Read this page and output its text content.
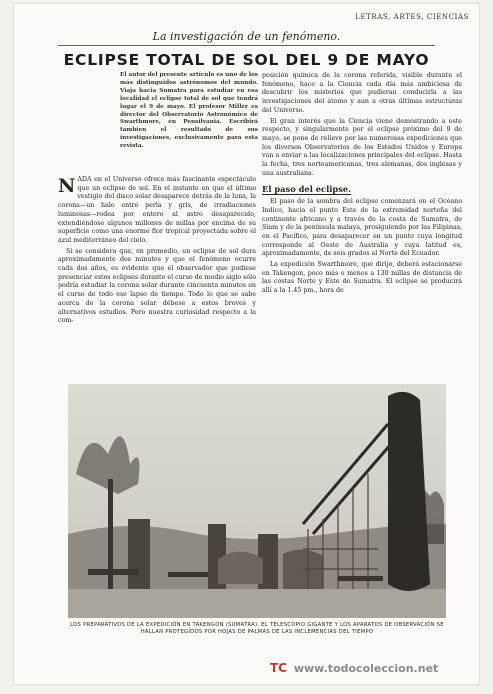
LETRAS, ARTES, CIENCIAS
La investigación de un fenómeno.
ECLIPSE TOTAL DE SOL DEL 9 DE MAYO
El autor del presente artículo es uno de los más distinguidos astrónomos del mundo. Viaja hacia Sumatra para estudiar en esa localidad el eclipse total de sol que tendrá lugar el 9 de mayo. El profesor Miller es director del Observatorio Astronómico de Swarthmore, en Pensilvania. Escribirá tambien el resultado de sus investigaciones, exclusivamente para esta revista.

NADA en el Universo ofrece más fascinante espectáculo que un eclipse de sol. En el instante en que el último vestigio del disco solar desaparece detrás de la luna, la corona—un halo entre perla y gris, de irradiaciones luminosas—rodea por entero al astro desaparecido, extendiéndose algunos millones de millas por encima de su superficie como una enorme flor tropical proyectada sobre el azul mediterráneo del cielo.

Si se considera que, en promedio, un eclipse de sol dura aproximadamente dos minutos y que el fenómeno ocurre cada dos años, es evidente que el observador que pudiese presenciar estos eclipses durante el curso de medio siglo sólo podría estudiar la corona solar durante cincuenta minutos en el curso de todo ese lapso de tiempo. Todo lo que se sabe acerca de la corona solar débese a estos breves y alternativos estudios. Pero nuestra curiosidad respecto a la com-

posición química de la corona referida, visible durante el fenómeno, hace a la Ciencia cada día más ambiciosa de descubrir los misterios que pudieran conducirla a las investigaciones del átomo y aun a otras últimas estructuras del Universo.

El gran interés que la Ciencia viene demostrando a este respecto, y singularmente por el eclipse próximo del 9 de mayo, se pone de relieve por las numerosas expediciones que los diversos Observatorios de los Estados Unidos y Europa van a enviar a las localizaciones principales del eclipse. Hasta la fecha, tres norteamericanas, tres alemanas, dos inglesas y una australiana.

El paso del eclipse.

El paso de la sombra del eclipse comenzará en el Océano Indico, hacia el punto Este de la extremidad norteña del continente africano y a través de la costa de Sumatra, de Siam y de la península malaya, prosiguiendo por las Filipinas, en el Pacífico, para desaparecer en un punto cuya longitud corresponde al Oeste de Australia y cuya latitud es, aproximadamente, de seis grados al Norte del Ecuador.

La expedición Swarthmore, que dirijo, deberá estacionarse en Takengon, poco más o menos a 130 millas de distancia de las costas Norte y Este de Sumatra. El eclipse se producirá allí a la 1.45 pm., hora de

LOS PREPARATIVOS DE LA EXPEDICIÓN EN TAKENGON (SUMATRA). EL TELESCOPIO GIGANTE Y LOS APARATOS DE OBSERVACIÓN SE HALLAN PROTEGIDOS POR HOJAS DE PALMAS DE LAS INCLEMENCIAS DEL TIEMPO
TC www.todocoleccion.net
